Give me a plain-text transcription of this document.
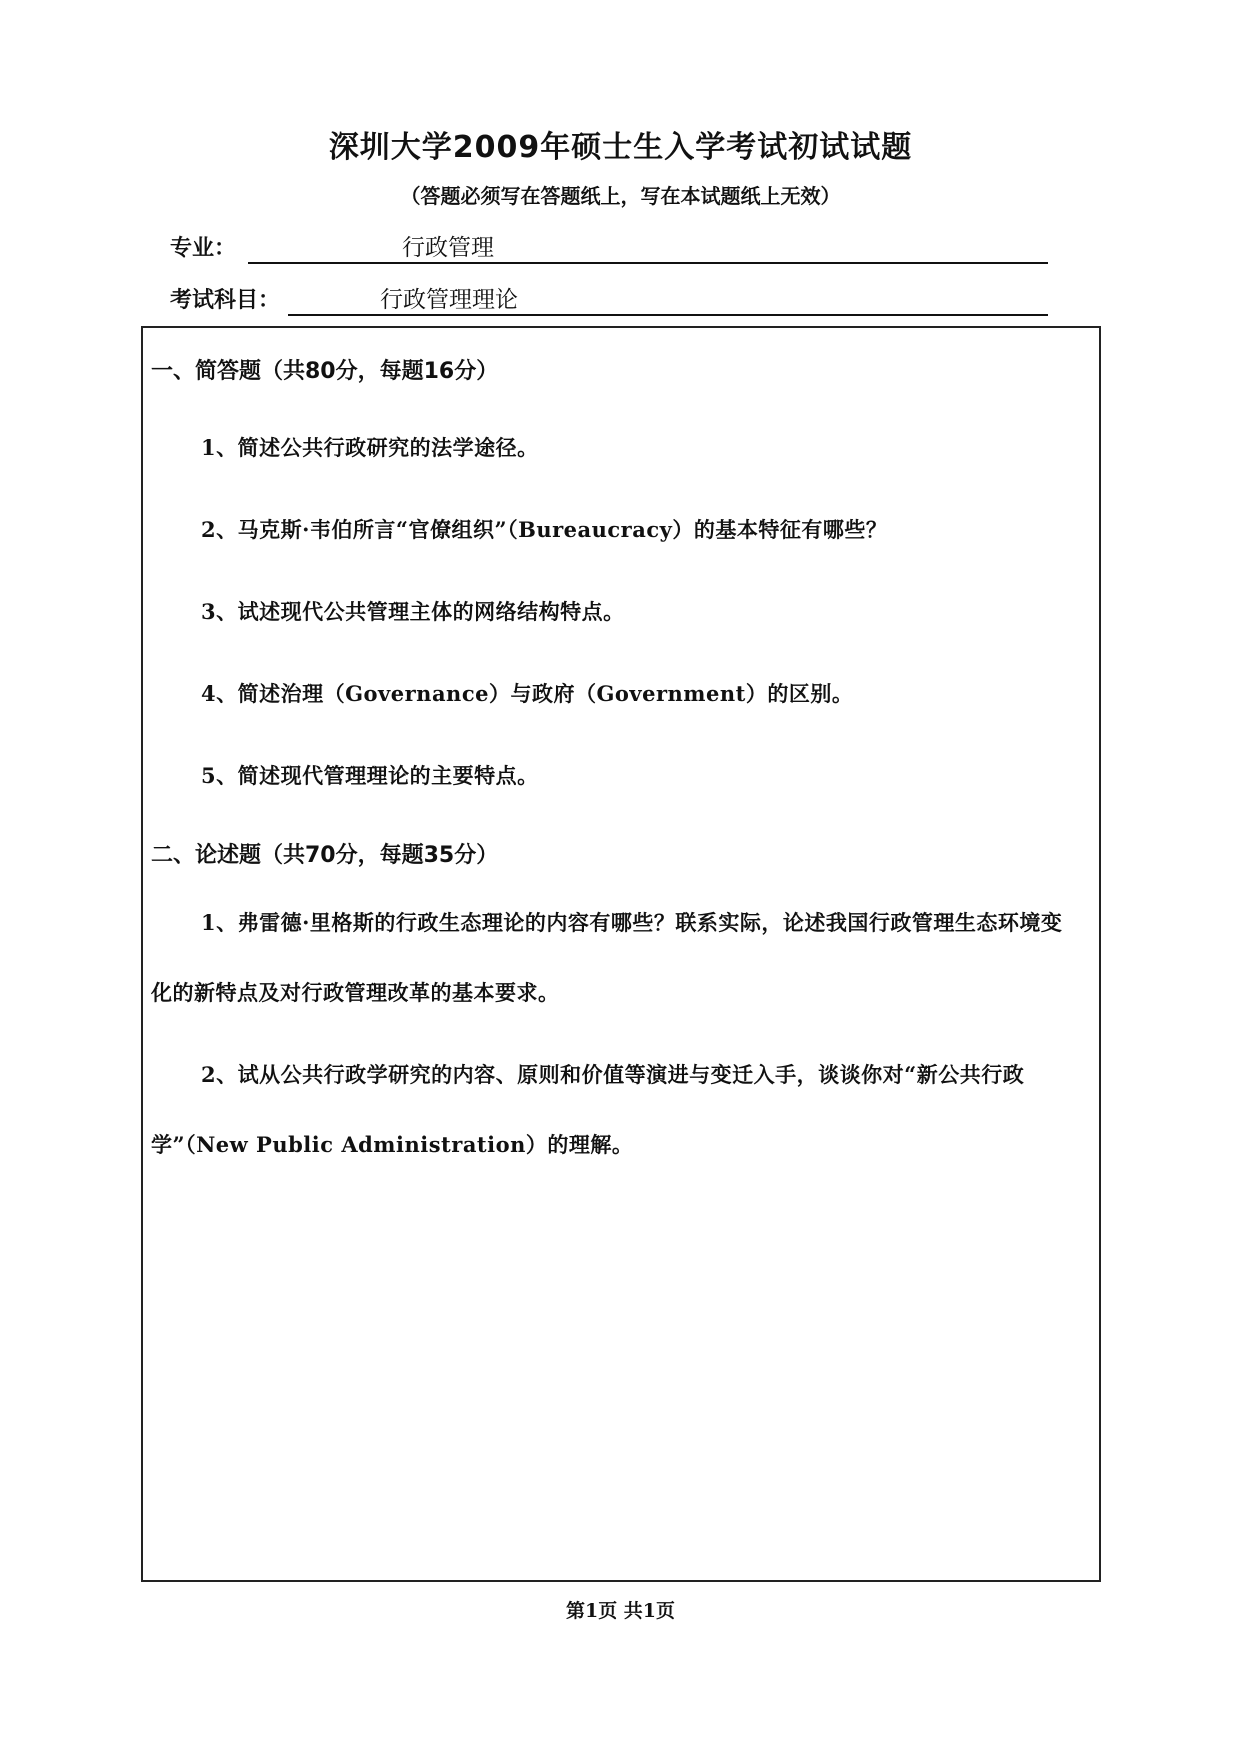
深圳大学2009年硕士生入学考试初试试题
（答题必须写在答题纸上，写在本试题纸上无效）
专业：	行政管理
考试科目：	行政管理理论
一、简答题（共80分，每题16分）
1、简述公共行政研究的法学途径。
2、马克斯·韦伯所言“官僚组织”（Bureaucracy）的基本特征有哪些？
3、试述现代公共管理主体的网络结构特点。
4、简述治理（Governance）与政府（Government）的区别。
5、简述现代管理理论的主要特点。
二、论述题（共70分，每题35分）
1、弗雷德·里格斯的行政生态理论的内容有哪些？联系实际，论述我国行政管理生态环境变化的新特点及对行政管理改革的基本要求。
2、试从公共行政学研究的内容、原则和价值等演进与变迁入手，谈谈你对“新公共行政学”（New Public Administration）的理解。
第1页 共1页
